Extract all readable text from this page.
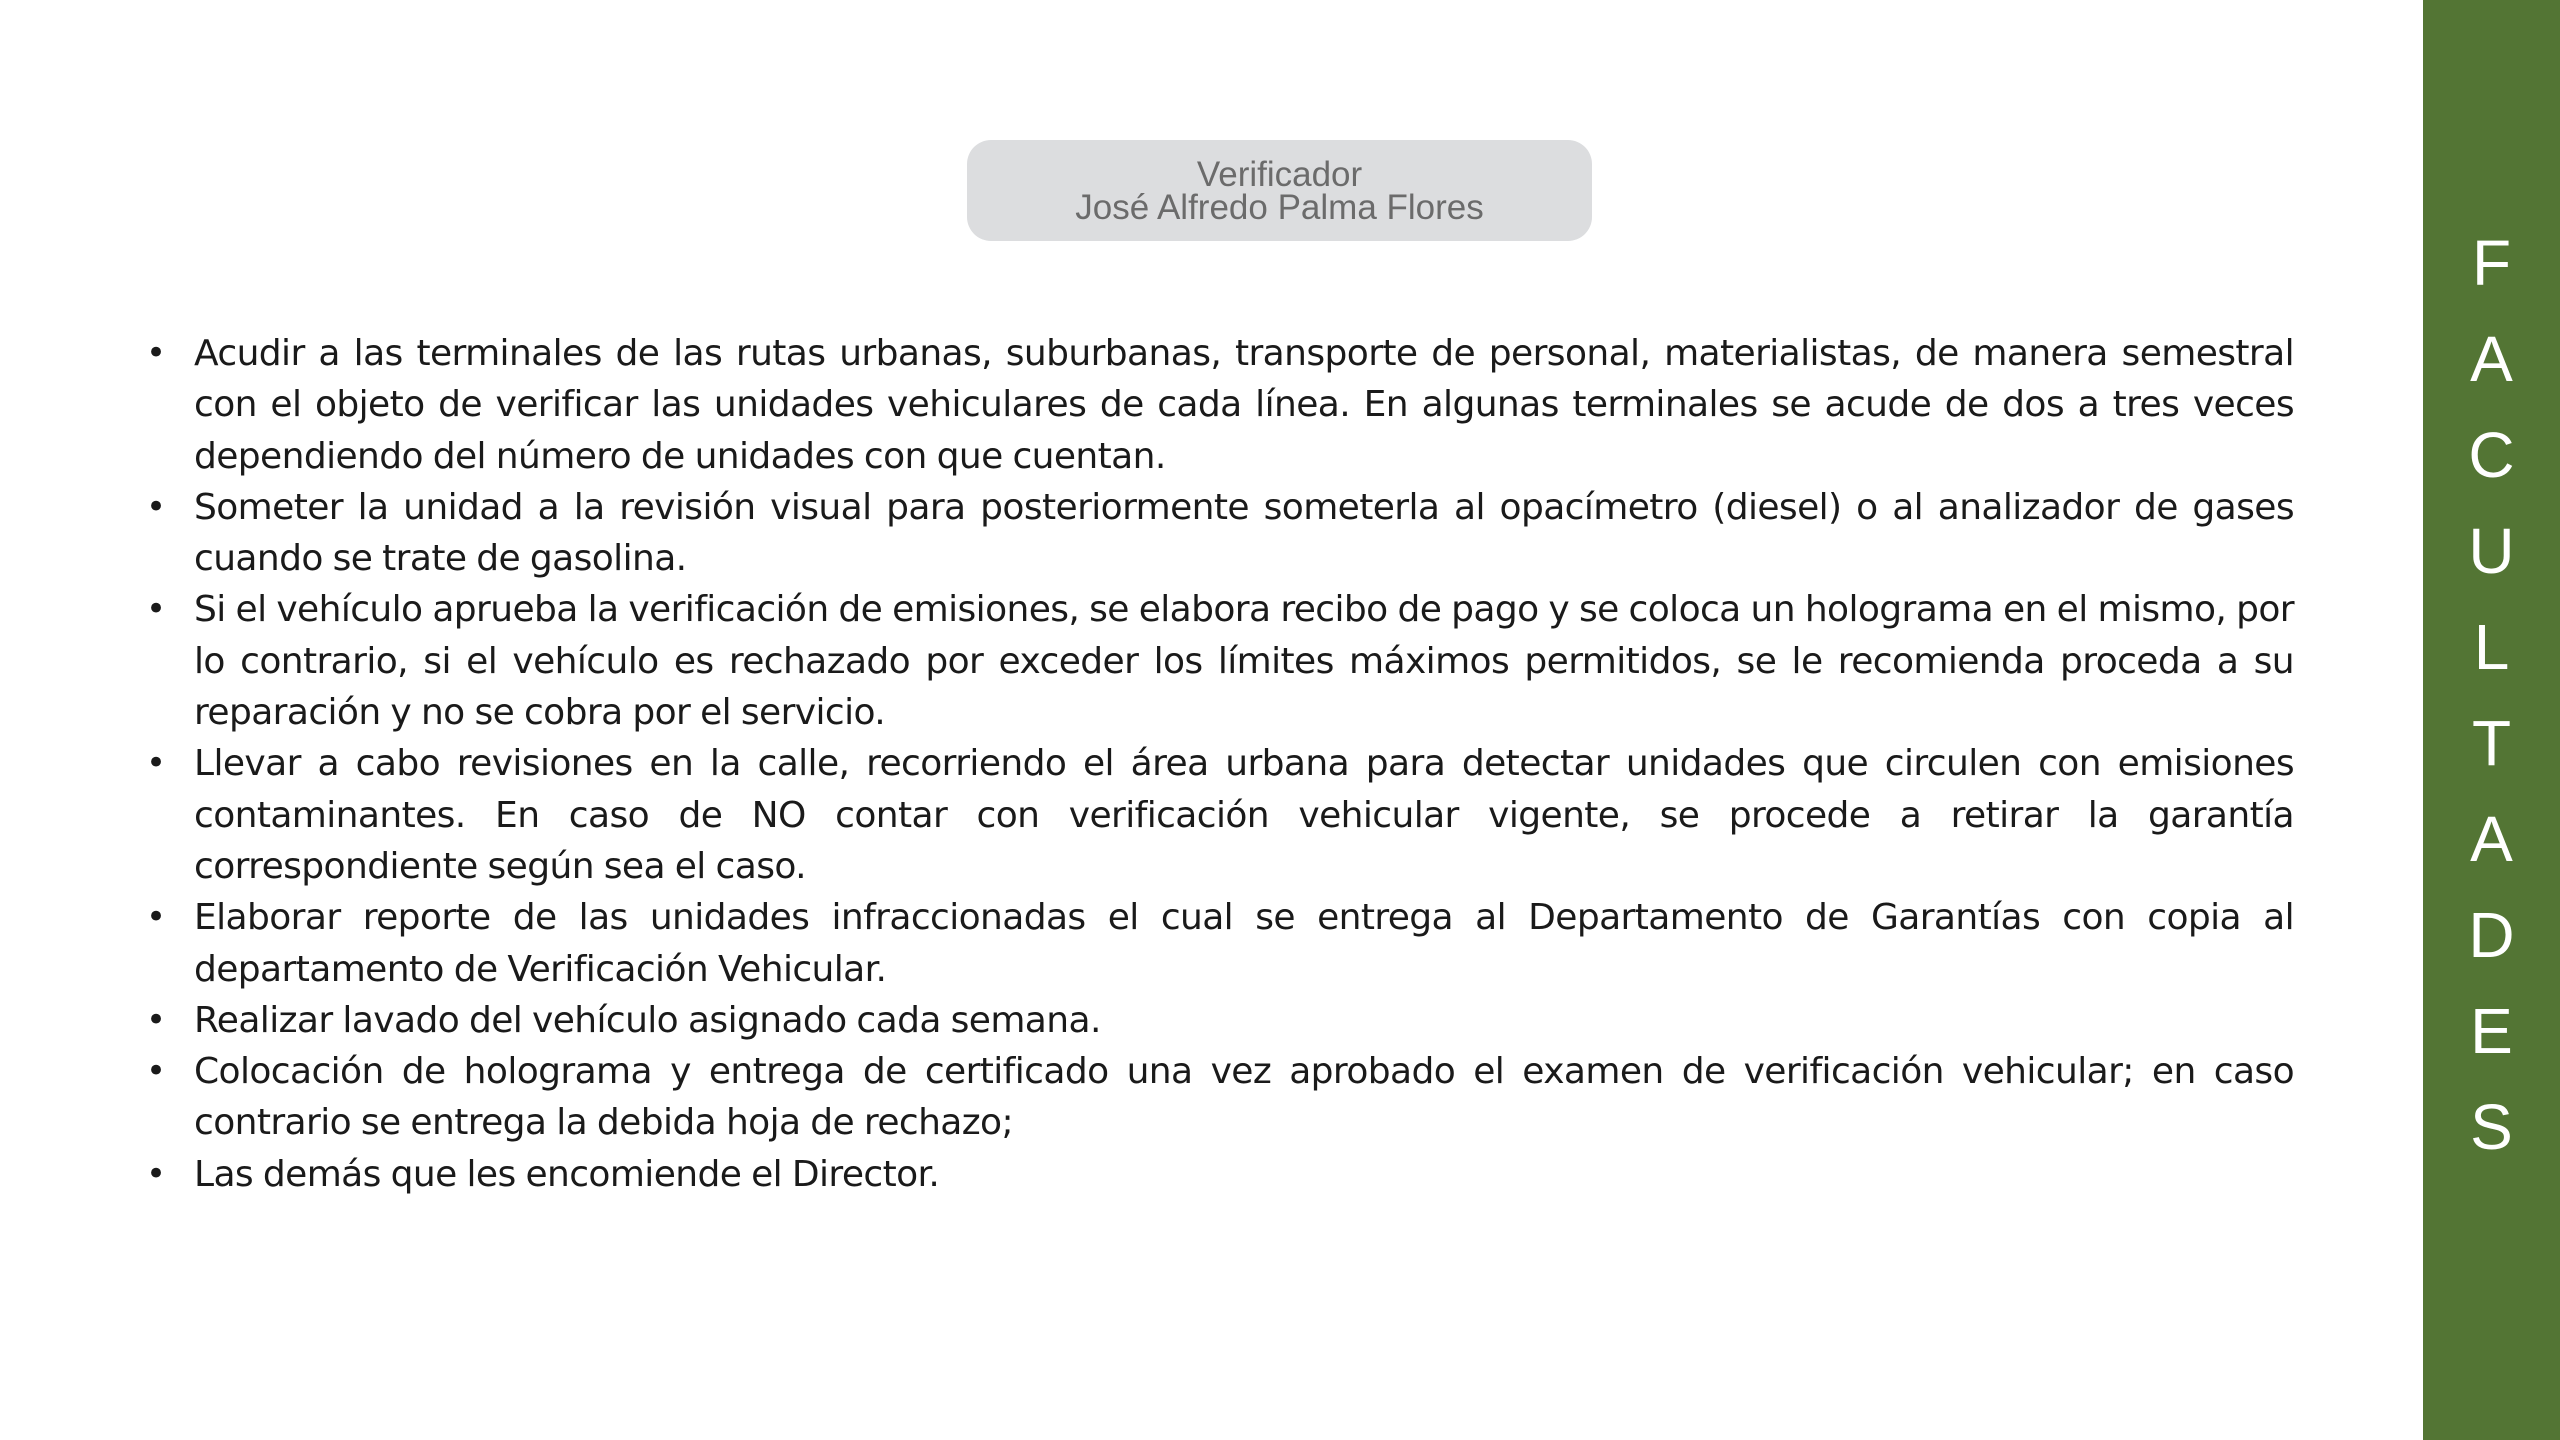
Verificador
José Alfredo Palma Flores
• Acudir a las terminales de las rutas urbanas, suburbanas, transporte de personal, materialistas, de manera semestral con el objeto de verificar las unidades vehiculares de cada línea. En algunas terminales se acude de dos a tres veces dependiendo del número de unidades con que cuentan.
• Someter la unidad a la revisión visual para posteriormente someterla al opacímetro (diesel) o al analizador de gases cuando se trate de gasolina.
• Si el vehículo aprueba la verificación de emisiones, se elabora recibo de pago y se coloca un holograma en el mismo, por lo contrario, si el vehículo es rechazado por exceder los límites máximos permitidos, se le recomienda proceda a su reparación y no se cobra por el servicio.
• Llevar a cabo revisiones en la calle, recorriendo el área urbana para detectar unidades que circulen con emisiones contaminantes. En caso de NO contar con verificación vehicular vigente, se procede a retirar la garantía correspondiente según sea el caso.
• Elaborar reporte de las unidades infraccionadas el cual se entrega al Departamento de Garantías con copia al departamento de Verificación Vehicular.
• Realizar lavado del vehículo asignado cada semana.
• Colocación de holograma y entrega de certificado una vez aprobado el examen de verificación vehicular; en caso contrario se entrega la debida hoja de rechazo;
• Las demás que les encomiende el Director.
F
A
C
U
L
T
A
D
E
S
